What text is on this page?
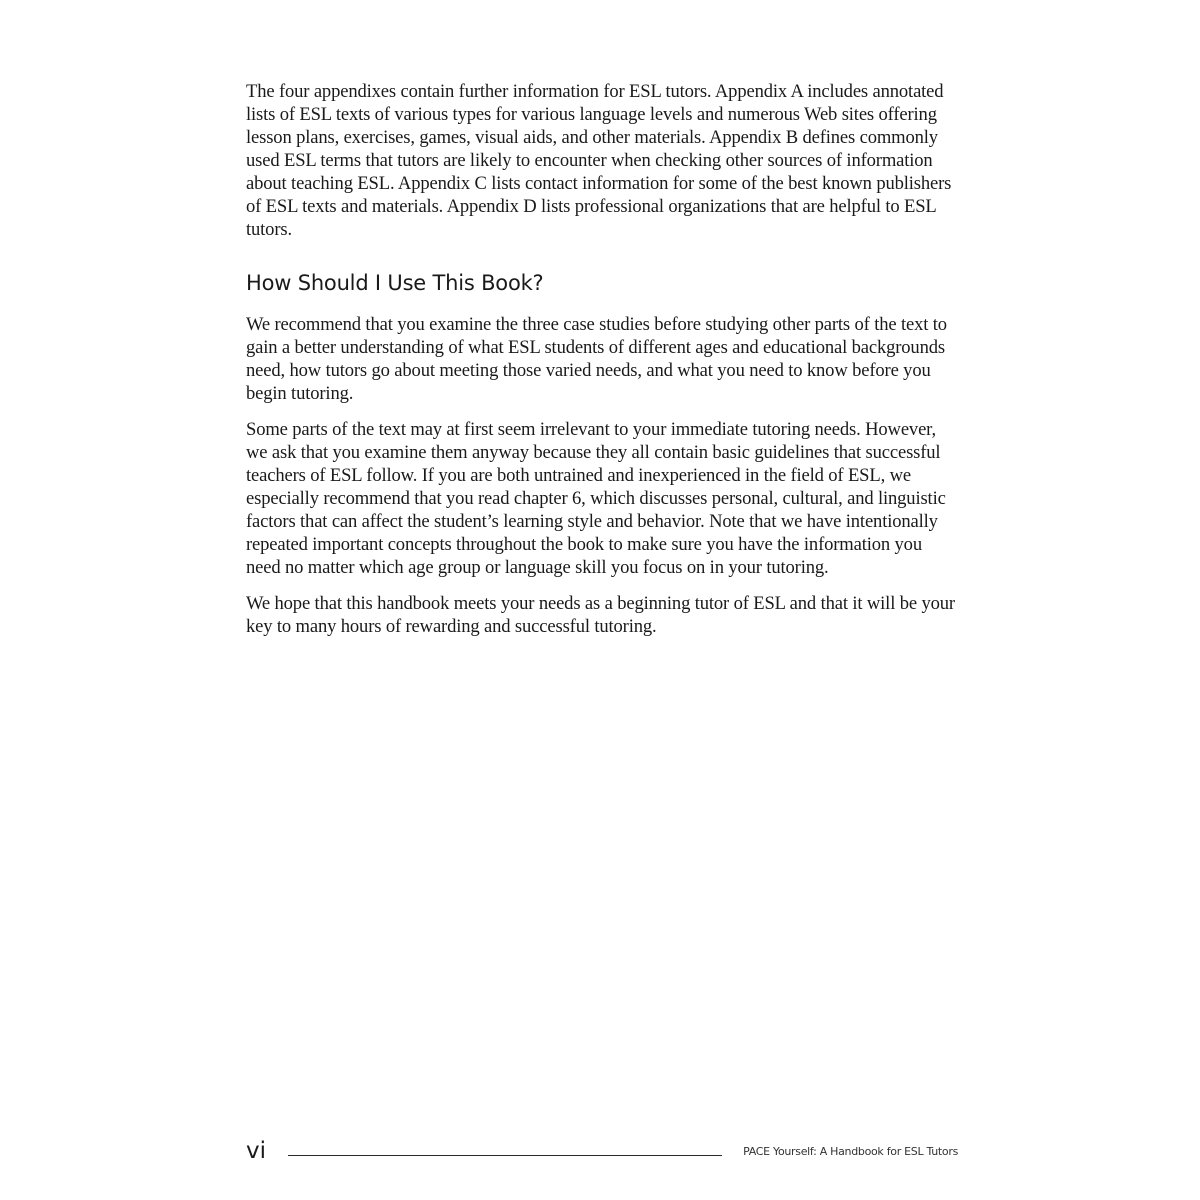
The four appendixes contain further information for ESL tutors. Appendix A includes annotated lists of ESL texts of various types for various language levels and numerous Web sites offering lesson plans, exercises, games, visual aids, and other materials. Appendix B defines commonly used ESL terms that tutors are likely to encounter when checking other sources of information about teaching ESL. Appendix C lists contact information for some of the best known publishers of ESL texts and materials. Appendix D lists professional organizations that are helpful to ESL tutors.

How Should I Use This Book?

We recommend that you examine the three case studies before studying other parts of the text to gain a better understanding of what ESL students of different ages and educational backgrounds need, how tutors go about meeting those varied needs, and what you need to know before you begin tutoring.

Some parts of the text may at first seem irrelevant to your immediate tutoring needs. However, we ask that you examine them anyway because they all contain basic guidelines that successful teachers of ESL follow. If you are both untrained and inexperienced in the field of ESL, we especially recommend that you read chapter 6, which discusses personal, cultural, and linguistic factors that can affect the student’s learning style and behavior. Note that we have intentionally repeated important concepts throughout the book to make sure you have the information you need no matter which age group or language skill you focus on in your tutoring.

We hope that this handbook meets your needs as a beginning tutor of ESL and that it will be your key to many hours of rewarding and successful tutoring.

vi	PACE Yourself: A Handbook for ESL Tutors
